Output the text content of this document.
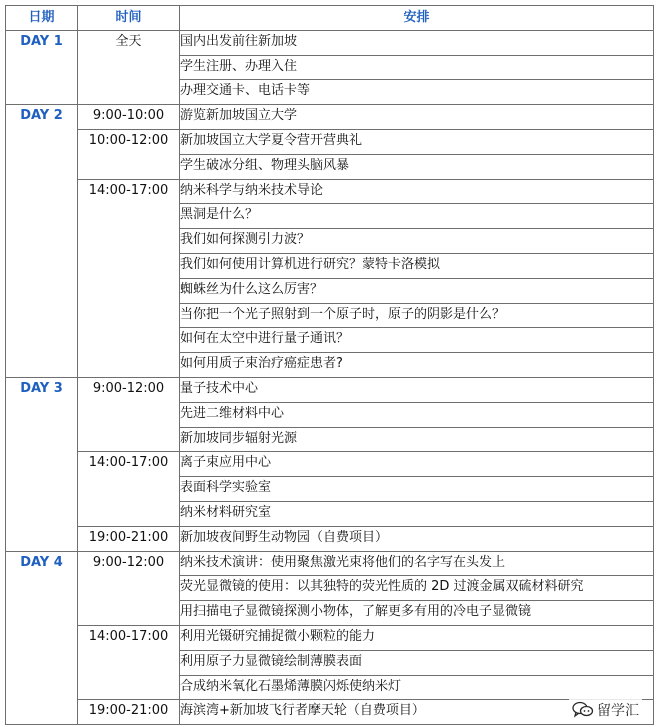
日期	时间	安排
DAY 1	全天	国内出发前往新加坡
		学生注册、办理入住
		办理交通卡、电话卡等
DAY 2	9:00-10:00	游览新加坡国立大学
	10:00-12:00	新加坡国立大学夏令营开营典礼
		学生破冰分组、物理头脑风暴
	14:00-17:00	纳米科学与纳米技术导论
		黑洞是什么？
		我们如何探测引力波？
		我们如何使用计算机进行研究？蒙特卡洛模拟
		蜘蛛丝为什么这么厉害？
		当你把一个光子照射到一个原子时，原子的阴影是什么？
		如何在太空中进行量子通讯？
		如何用质子束治疗癌症患者?
DAY 3	9:00-12:00	量子技术中心
		先进二维材料中心
		新加坡同步辐射光源
	14:00-17:00	离子束应用中心
		表面科学实验室
		纳米材料研究室
	19:00-21:00	新加坡夜间野生动物园（自费项目）
DAY 4	9:00-12:00	纳米技术演讲：使用聚焦激光束将他们的名字写在头发上
		荧光显微镜的使用：以其独特的荧光性质的 2D 过渡金属双硫材料研究
		用扫描电子显微镜探测小物体，了解更多有用的冷电子显微镜
	14:00-17:00	利用光镊研究捕捉微小颗粒的能力
		利用原子力显微镜绘制薄膜表面
		合成纳米氧化石墨烯薄膜闪烁使纳米灯
	19:00-21:00	海滨湾+新加坡飞行者摩天轮（自费项目）	留学汇
